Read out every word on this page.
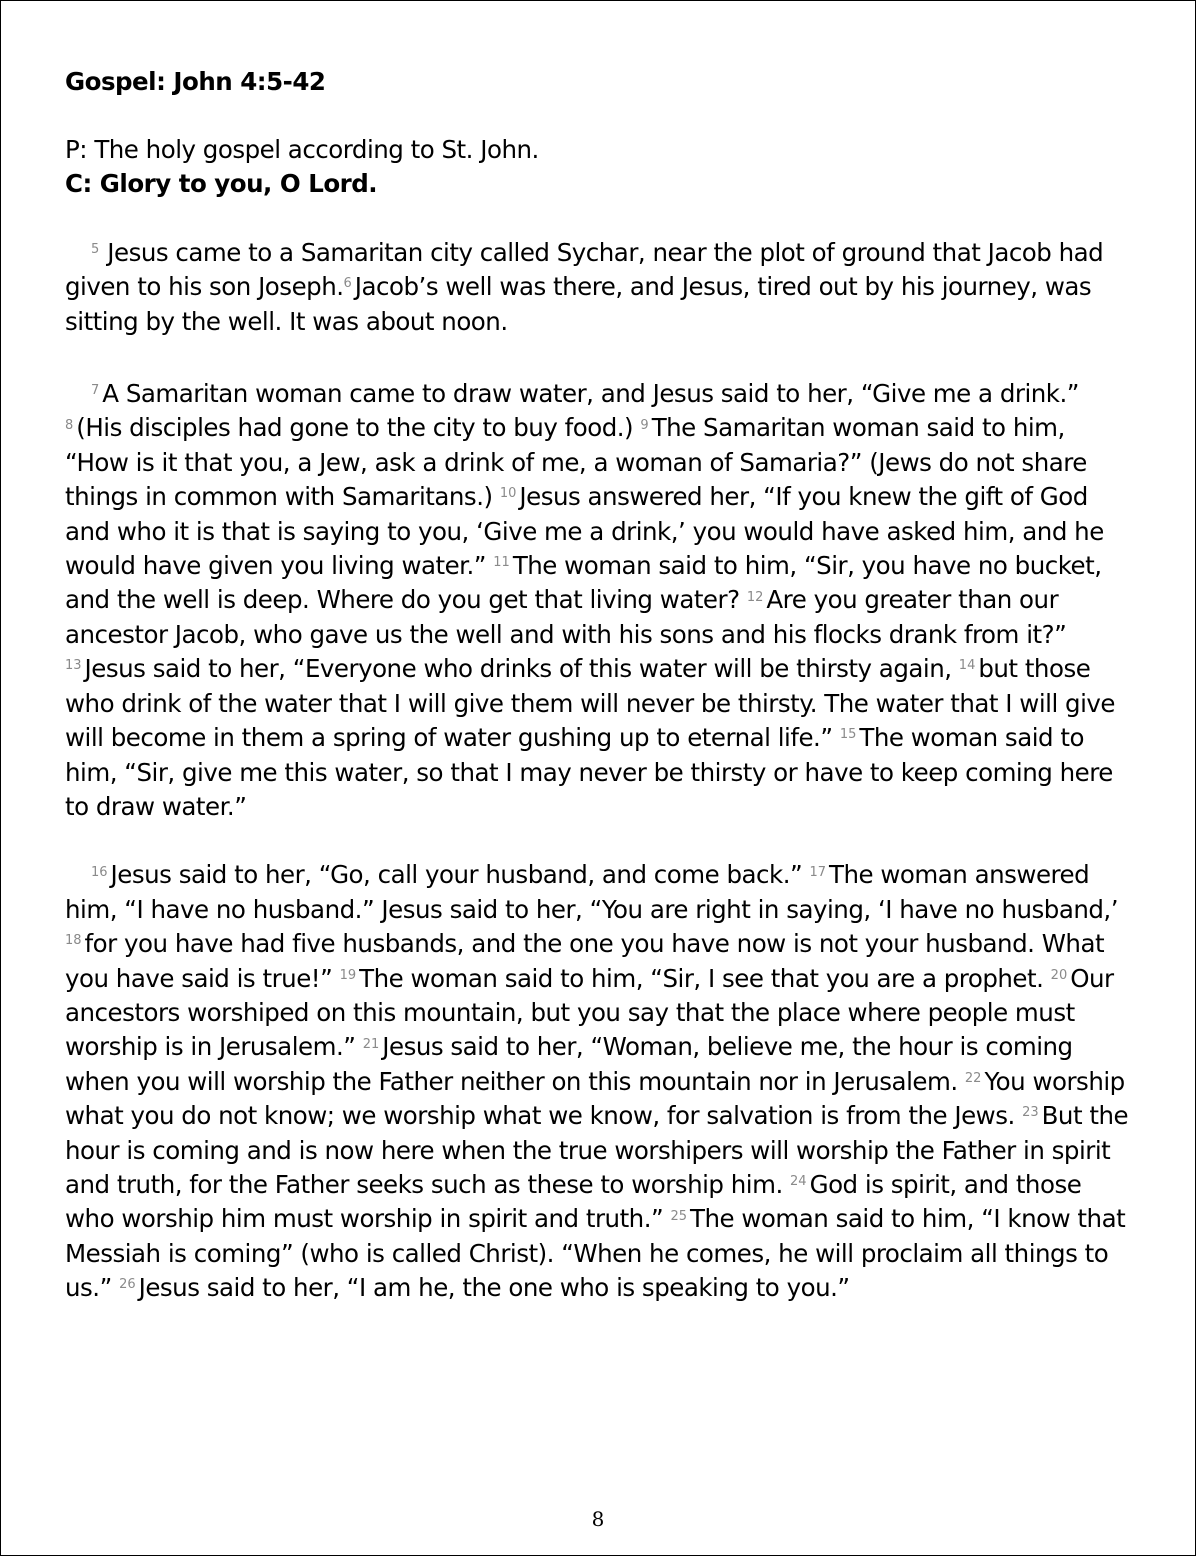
Gospel: John 4:5-42

P: The holy gospel according to St. John.

C: Glory to you, O Lord.

$^5$ Jesus came to a Samaritan city called Sychar, near the plot of ground that Jacob had given to his son Joseph.$^6$ Jacob’s well was there, and Jesus, tired out by his journey, was sitting by the well. It was about noon.

$^7$ A Samaritan woman came to draw water, and Jesus said to her, “Give me a drink.” $^8$ (His disciples had gone to the city to buy food.) $^9$ The Samaritan woman said to him, “How is it that you, a Jew, ask a drink of me, a woman of Samaria?” (Jews do not share things in common with Samaritans.) $^{10}$ Jesus answered her, “If you knew the gift of God and who it is that is saying to you, ‘Give me a drink,’ you would have asked him, and he would have given you living water.” $^{11}$ The woman said to him, “Sir, you have no bucket, and the well is deep. Where do you get that living water? $^{12}$ Are you greater than our ancestor Jacob, who gave us the well and with his sons and his flocks drank from it?” $^{13}$ Jesus said to her, “Everyone who drinks of this water will be thirsty again, $^{14}$ but those who drink of the water that I will give them will never be thirsty. The water that I will give will become in them a spring of water gushing up to eternal life.” $^{15}$ The woman said to him, “Sir, give me this water, so that I may never be thirsty or have to keep coming here to draw water.”

$^{16}$ Jesus said to her, “Go, call your husband, and come back.” $^{17}$ The woman answered him, “I have no husband.” Jesus said to her, “You are right in saying, ‘I have no husband,’ $^{18}$ for you have had five husbands, and the one you have now is not your husband. What you have said is true!” $^{19}$ The woman said to him, “Sir, I see that you are a prophet. $^{20}$ Our ancestors worshiped on this mountain, but you say that the place where people must worship is in Jerusalem.” $^{21}$ Jesus said to her, “Woman, believe me, the hour is coming when you will worship the Father neither on this mountain nor in Jerusalem. $^{22}$ You worship what you do not know; we worship what we know, for salvation is from the Jews. $^{23}$ But the hour is coming and is now here when the true worshipers will worship the Father in spirit and truth, for the Father seeks such as these to worship him. $^{24}$ God is spirit, and those who worship him must worship in spirit and truth.” $^{25}$ The woman said to him, “I know that Messiah is coming” (who is called Christ). “When he comes, he will proclaim all things to us.” $^{26}$ Jesus said to her, “I am he, the one who is speaking to you.”

8
